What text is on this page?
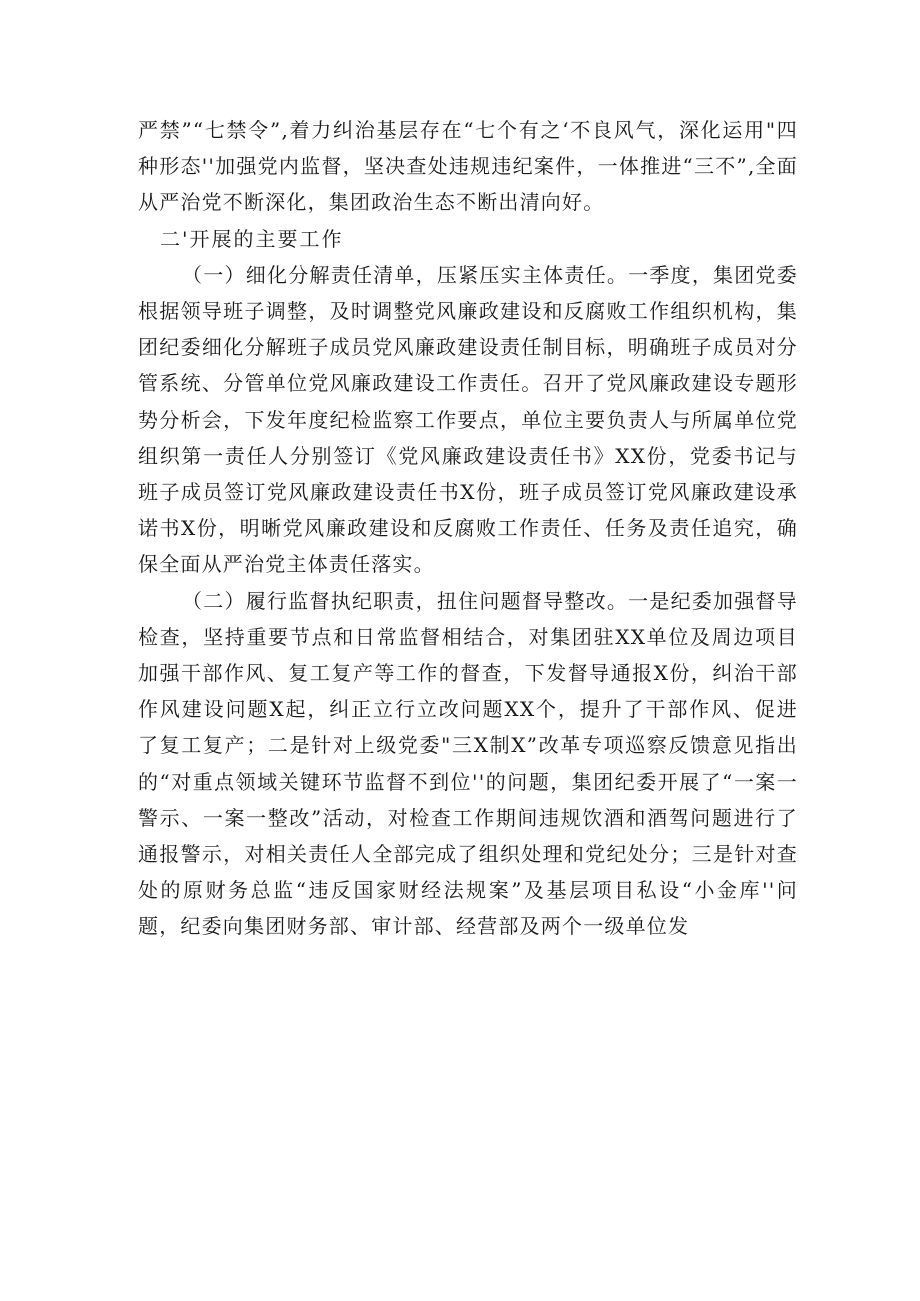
严禁”“七禁令”,着力纠治基层存在“七个有之‘不良风气，深化运用"四种形态''加强党内监督，坚决查处违规违纪案件，一体推进“三不”,全面从严治党不断深化，集团政治生态不断出清向好。

二'开展的主要工作

（一）细化分解责任清单，压紧压实主体责任。一季度，集团党委根据领导班子调整，及时调整党风廉政建设和反腐败工作组织机构，集团纪委细化分解班子成员党风廉政建设责任制目标，明确班子成员对分管系统、分管单位党风廉政建设工作责任。召开了党风廉政建设专题形势分析会，下发年度纪检监察工作要点，单位主要负责人与所属单位党组织第一责任人分别签订《党风廉政建设责任书》XX份，党委书记与班子成员签订党风廉政建设责任书X份，班子成员签订党风廉政建设承诺书X份，明晰党风廉政建设和反腐败工作责任、任务及责任追究，确保全面从严治党主体责任落实。

（二）履行监督执纪职责，扭住问题督导整改。一是纪委加强督导检查，坚持重要节点和日常监督相结合，对集团驻XX单位及周边项目加强干部作风、复工复产等工作的督查，下发督导通报X份，纠治干部作风建设问题X起，纠正立行立改问题XX个，提升了干部作风、促进了复工复产；二是针对上级党委"三X制X”改革专项巡察反馈意见指出的“对重点领域关键环节监督不到位''的问题，集团纪委开展了“一案一警示、一案一整改”活动，对检查工作期间违规饮酒和酒驾问题进行了通报警示，对相关责任人全部完成了组织处理和党纪处分；三是针对查处的原财务总监“违反国家财经法规案”及基层项目私设“小金库''问题，纪委向集团财务部、审计部、经营部及两个一级单位发
